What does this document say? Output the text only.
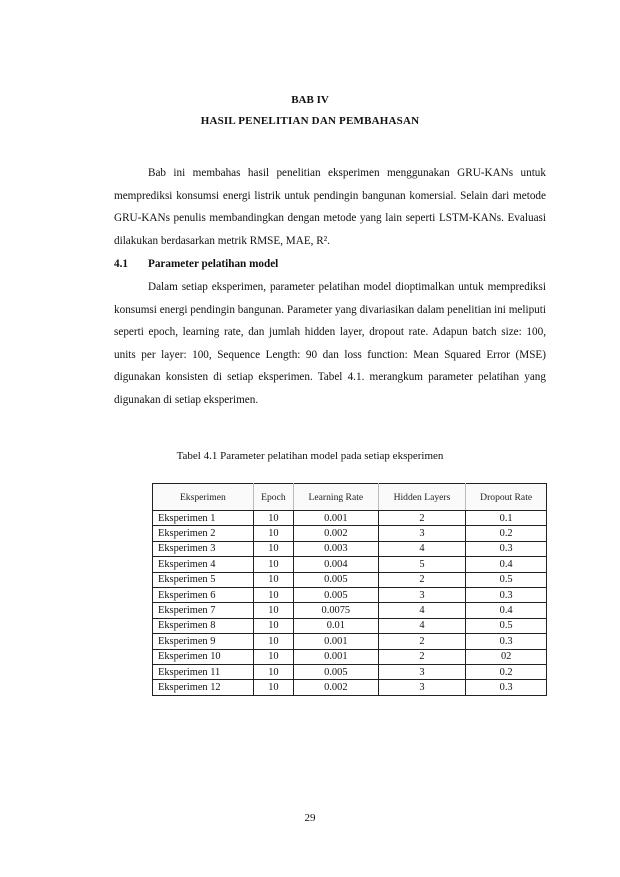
BAB IV
HASIL PENELITIAN DAN PEMBAHASAN

Bab ini membahas hasil penelitian eksperimen menggunakan GRU-KANs untuk memprediksi konsumsi energi listrik untuk pendingin bangunan komersial. Selain dari metode GRU-KANs penulis membandingkan dengan metode yang lain seperti LSTM-KANs. Evaluasi dilakukan berdasarkan metrik RMSE, MAE, R².

4.1 Parameter pelatihan model

Dalam setiap eksperimen, parameter pelatihan model dioptimalkan untuk memprediksi konsumsi energi pendingin bangunan. Parameter yang divariasikan dalam penelitian ini meliputi seperti epoch, learning rate, dan jumlah hidden layer, dropout rate. Adapun batch size: 100, units per layer: 100, Sequence Length: 90 dan loss function: Mean Squared Error (MSE) digunakan konsisten di setiap eksperimen. Tabel 4.1. merangkum parameter pelatihan yang digunakan di setiap eksperimen.

Tabel 4.1 Parameter pelatihan model pada setiap eksperimen
Eksperimen	Epoch	Learning Rate	Hidden Layers	Dropout Rate
Eksperimen 1	10	0.001	2	0.1
Eksperimen 2	10	0.002	3	0.2
Eksperimen 3	10	0.003	4	0.3
Eksperimen 4	10	0.004	5	0.4
Eksperimen 5	10	0.005	2	0.5
Eksperimen 6	10	0.005	3	0.3
Eksperimen 7	10	0.0075	4	0.4
Eksperimen 8	10	0.01	4	0.5
Eksperimen 9	10	0.001	2	0.3
Eksperimen 10	10	0.001	2	02
Eksperimen 11	10	0.005	3	0.2
Eksperimen 12	10	0.002	3	0.3
29
